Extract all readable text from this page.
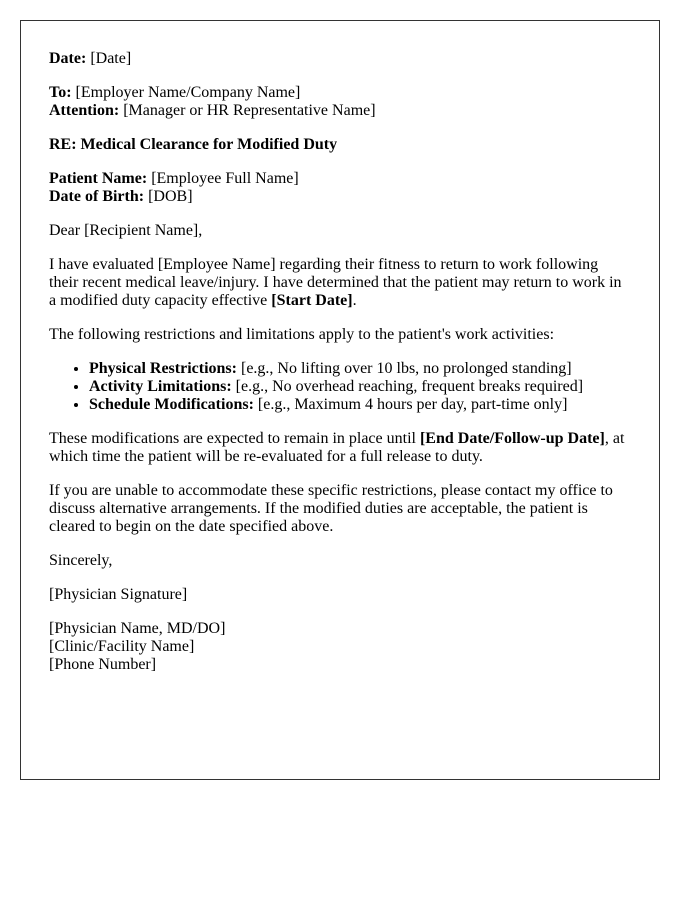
Date: [Date]

To: [Employer Name/Company Name]
Attention: [Manager or HR Representative Name]

RE: Medical Clearance for Modified Duty

Patient Name: [Employee Full Name]
Date of Birth: [DOB]

Dear [Recipient Name],

I have evaluated [Employee Name] regarding their fitness to return to work following their recent medical leave/injury. I have determined that the patient may return to work in a modified duty capacity effective [Start Date].

The following restrictions and limitations apply to the patient's work activities:

• Physical Restrictions: [e.g., No lifting over 10 lbs, no prolonged standing]
• Activity Limitations: [e.g., No overhead reaching, frequent breaks required]
• Schedule Modifications: [e.g., Maximum 4 hours per day, part-time only]

These modifications are expected to remain in place until [End Date/Follow-up Date], at which time the patient will be re-evaluated for a full release to duty.

If you are unable to accommodate these specific restrictions, please contact my office to discuss alternative arrangements. If the modified duties are acceptable, the patient is cleared to begin on the date specified above.

Sincerely,

[Physician Signature]

[Physician Name, MD/DO]
[Clinic/Facility Name]
[Phone Number]
